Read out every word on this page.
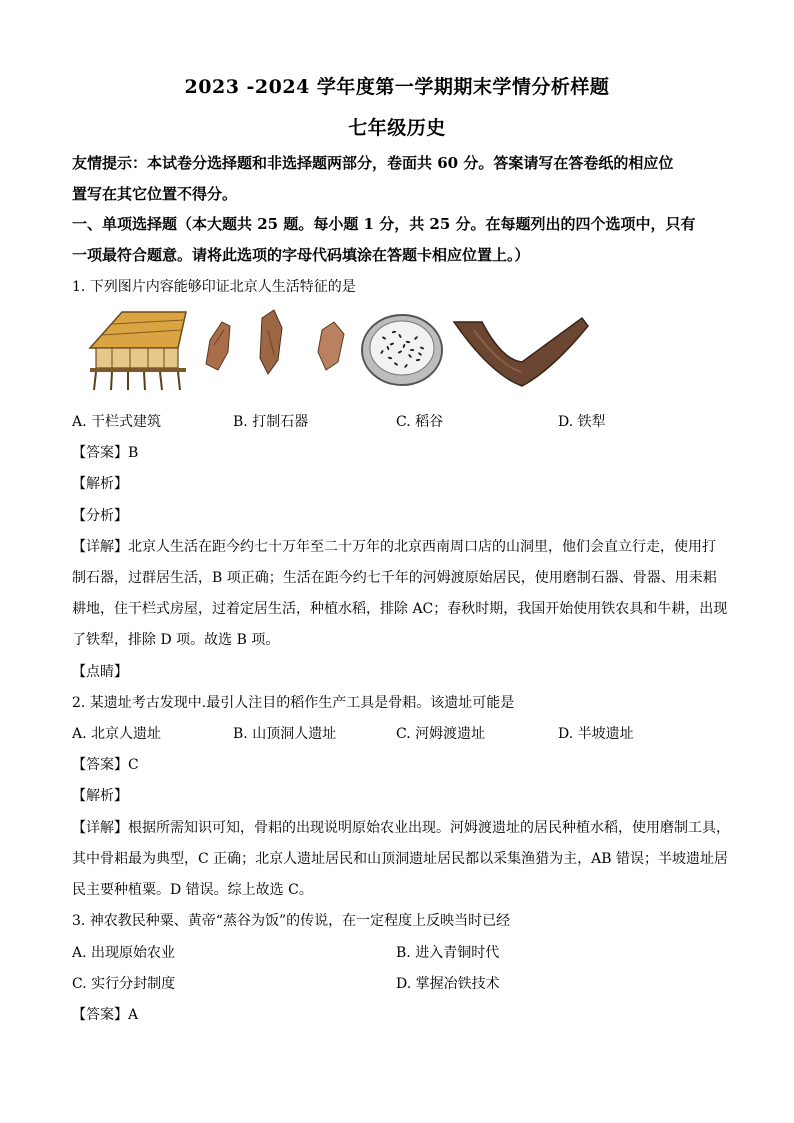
2023 -2024 学年度第一学期期末学情分析样题
七年级历史
友情提示：本试卷分选择题和非选择题两部分，卷面共 60 分。答案请写在答卷纸的相应位
置写在其它位置不得分。
一、单项选择题（本大题共 25 题。每小题 1 分，共 25 分。在每题列出的四个选项中，只有
一项最符合题意。请将此选项的字母代码填涂在答题卡相应位置上。）
1. 下列图片内容能够印证北京人生活特征的是
A. 干栏式建筑	B. 打制石器	C. 稻谷	D. 铁犁
【答案】B
【解析】
【分析】
【详解】北京人生活在距今约七十万年至二十万年的北京西南周口店的山洞里，他们会直立行走，使用打
制石器，过群居生活，B 项正确；生活在距今约七千年的河姆渡原始居民，使用磨制石器、骨器、用耒耜
耕地，住干栏式房屋，过着定居生活，种植水稻，排除 AC；春秋时期，我国开始使用铁农具和牛耕，出现
了铁犁，排除 D 项。故选 B 项。
【点睛】
2. 某遗址考古发现中.最引人注目的稻作生产工具是骨耜。该遗址可能是
A. 北京人遗址	B. 山顶洞人遗址	C. 河姆渡遗址	D. 半坡遗址
【答案】C
【解析】
【详解】根据所需知识可知，骨耜的出现说明原始农业出现。河姆渡遗址的居民种植水稻，使用磨制工具，
其中骨耜最为典型，C 正确；北京人遗址居民和山顶洞遗址居民都以采集渔猎为主，AB 错误；半坡遗址居
民主要种植粟。D 错误。综上故选 C。
3. 神农教民种粟、黄帝“蒸谷为饭”的传说，在一定程度上反映当时已经
A. 出现原始农业	B. 进入青铜时代
C. 实行分封制度	D. 掌握冶铁技术
【答案】A
